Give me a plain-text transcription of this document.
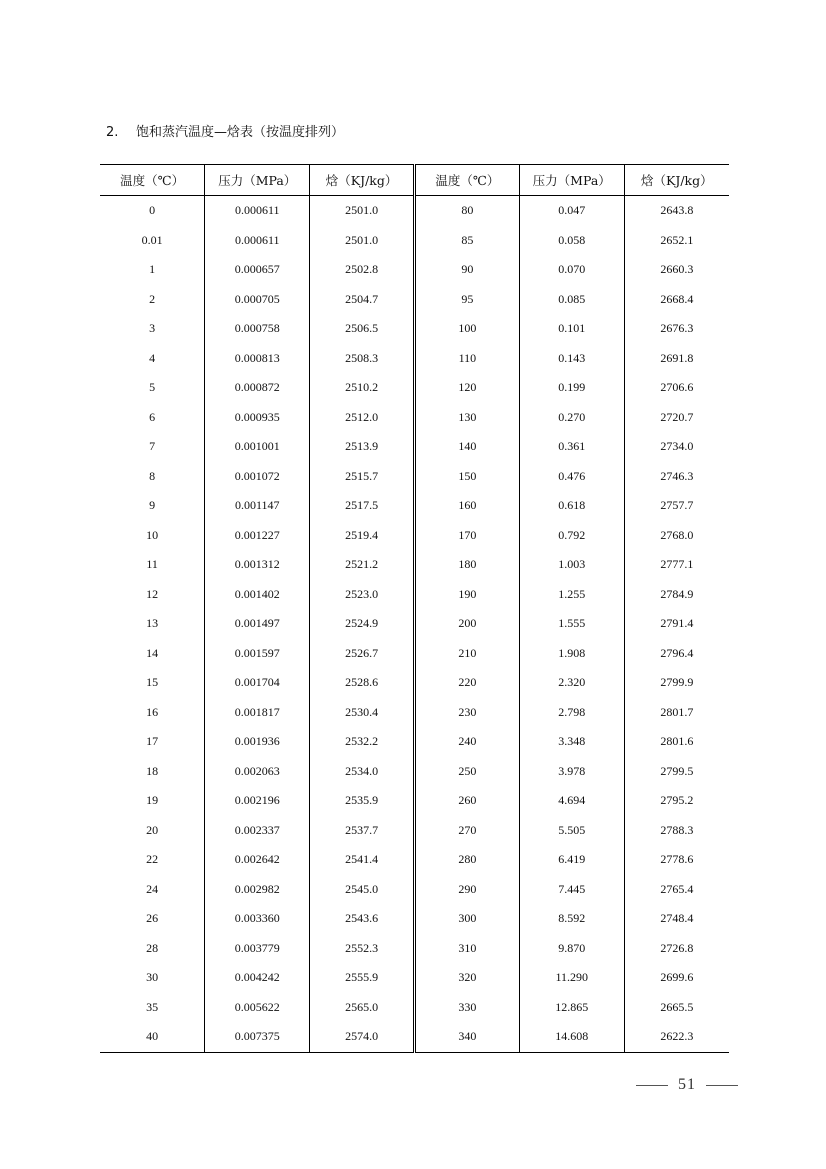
2. 饱和蒸汽温度—焓表（按温度排列）
温度（℃）	压力（MPa）	焓（KJ/kg）	温度（℃）	压力（MPa）	焓（KJ/kg）
0	0.000611	2501.0	80	0.047	2643.8
0.01	0.000611	2501.0	85	0.058	2652.1
1	0.000657	2502.8	90	0.070	2660.3
2	0.000705	2504.7	95	0.085	2668.4
3	0.000758	2506.5	100	0.101	2676.3
4	0.000813	2508.3	110	0.143	2691.8
5	0.000872	2510.2	120	0.199	2706.6
6	0.000935	2512.0	130	0.270	2720.7
7	0.001001	2513.9	140	0.361	2734.0
8	0.001072	2515.7	150	0.476	2746.3
9	0.001147	2517.5	160	0.618	2757.7
10	0.001227	2519.4	170	0.792	2768.0
11	0.001312	2521.2	180	1.003	2777.1
12	0.001402	2523.0	190	1.255	2784.9
13	0.001497	2524.9	200	1.555	2791.4
14	0.001597	2526.7	210	1.908	2796.4
15	0.001704	2528.6	220	2.320	2799.9
16	0.001817	2530.4	230	2.798	2801.7
17	0.001936	2532.2	240	3.348	2801.6
18	0.002063	2534.0	250	3.978	2799.5
19	0.002196	2535.9	260	4.694	2795.2
20	0.002337	2537.7	270	5.505	2788.3
22	0.002642	2541.4	280	6.419	2778.6
24	0.002982	2545.0	290	7.445	2765.4
26	0.003360	2543.6	300	8.592	2748.4
28	0.003779	2552.3	310	9.870	2726.8
30	0.004242	2555.9	320	11.290	2699.6
35	0.005622	2565.0	330	12.865	2665.5
40	0.007375	2574.0	340	14.608	2622.3
51
